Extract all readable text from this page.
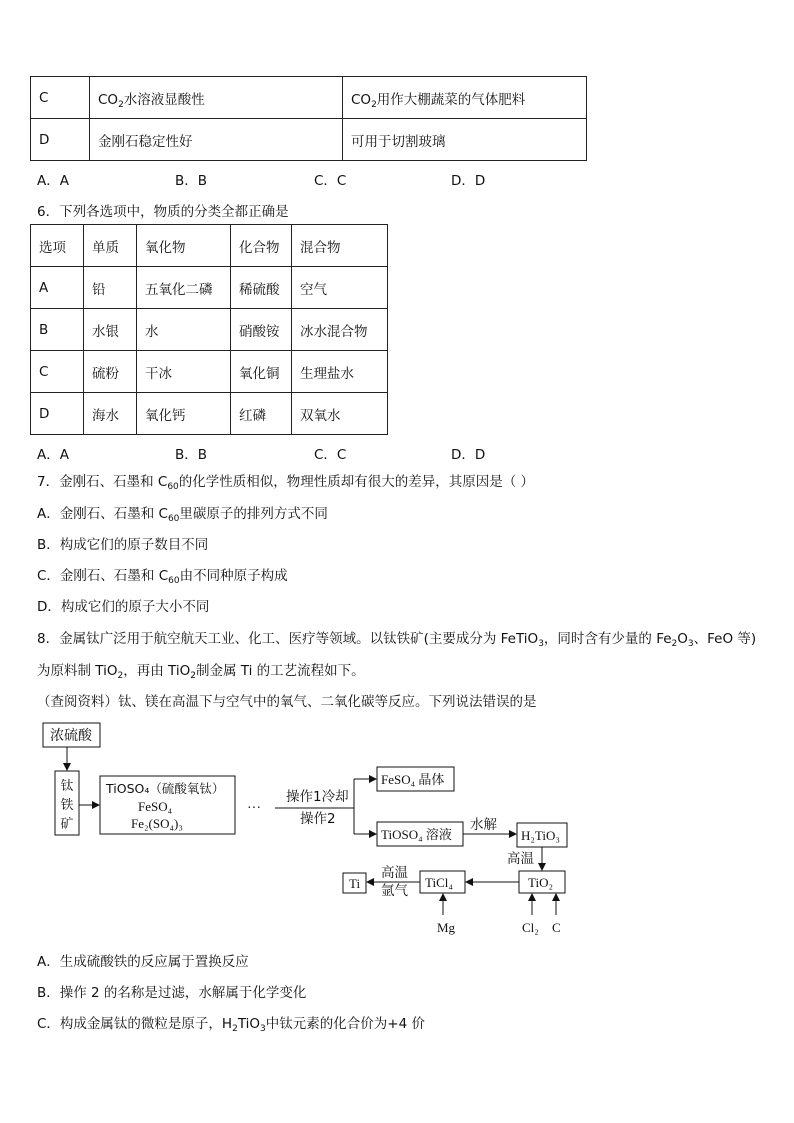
C	$CO_2$水溶液显酸性	$CO_2$用作大棚蔬菜的气体肥料
D	金刚石稳定性好	可用于切割玻璃
A．A	B．B	C．C	D．D
6．下列各选项中，物质的分类全都正确是
选项	单质	氧化物	化合物	混合物
A	铅	五氧化二磷	稀硫酸	空气
B	水银	水	硝酸铵	冰水混合物
C	硫粉	干冰	氧化铜	生理盐水
D	海水	氧化钙	红磷	双氧水
A．A	B．B	C．C	D．D
7．金刚石、石墨和 $C_{60}$的化学性质相似，物理性质却有很大的差异，其原因是（ ）
A．金刚石、石墨和 $C_{60}$里碳原子的排列方式不同
B．构成它们的原子数目不同
C．金刚石、石墨和 $C_{60}$由不同种原子构成
D．构成它们的原子大小不同
8．金属钛广泛用于航空航天工业、化工、医疗等领域。以钛铁矿(主要成分为 FeTiO$_3$，同时含有少量的 $Fe_2O_3$、FeO 等)
为原料制 TiO$_2$，再由 TiO$_2$制金属 Ti 的工艺流程如下。
（查阅资料）钛、镁在高温下与空气中的氧气、二氧化碳等反应。下列说法错误的是
浓硫酸
钛
铁
矿
TiOSO₄（硫酸氧钛）
FeSO₄
Fe₂(SO₄)₃
···
操作1冷却
操作2
FeSO₄ 晶体
TiOSO₄ 溶液
水解
H₂TiO₃
高温
TiO₂
TiCl₄
Ti
高温
氩气
Mg	Cl₂ C
A．生成硫酸铁的反应属于置换反应
B．操作 2 的名称是过滤，水解属于化学变化
C．构成金属钛的微粒是原子，$H_2TiO_3$中钛元素的化合价为+4 价
